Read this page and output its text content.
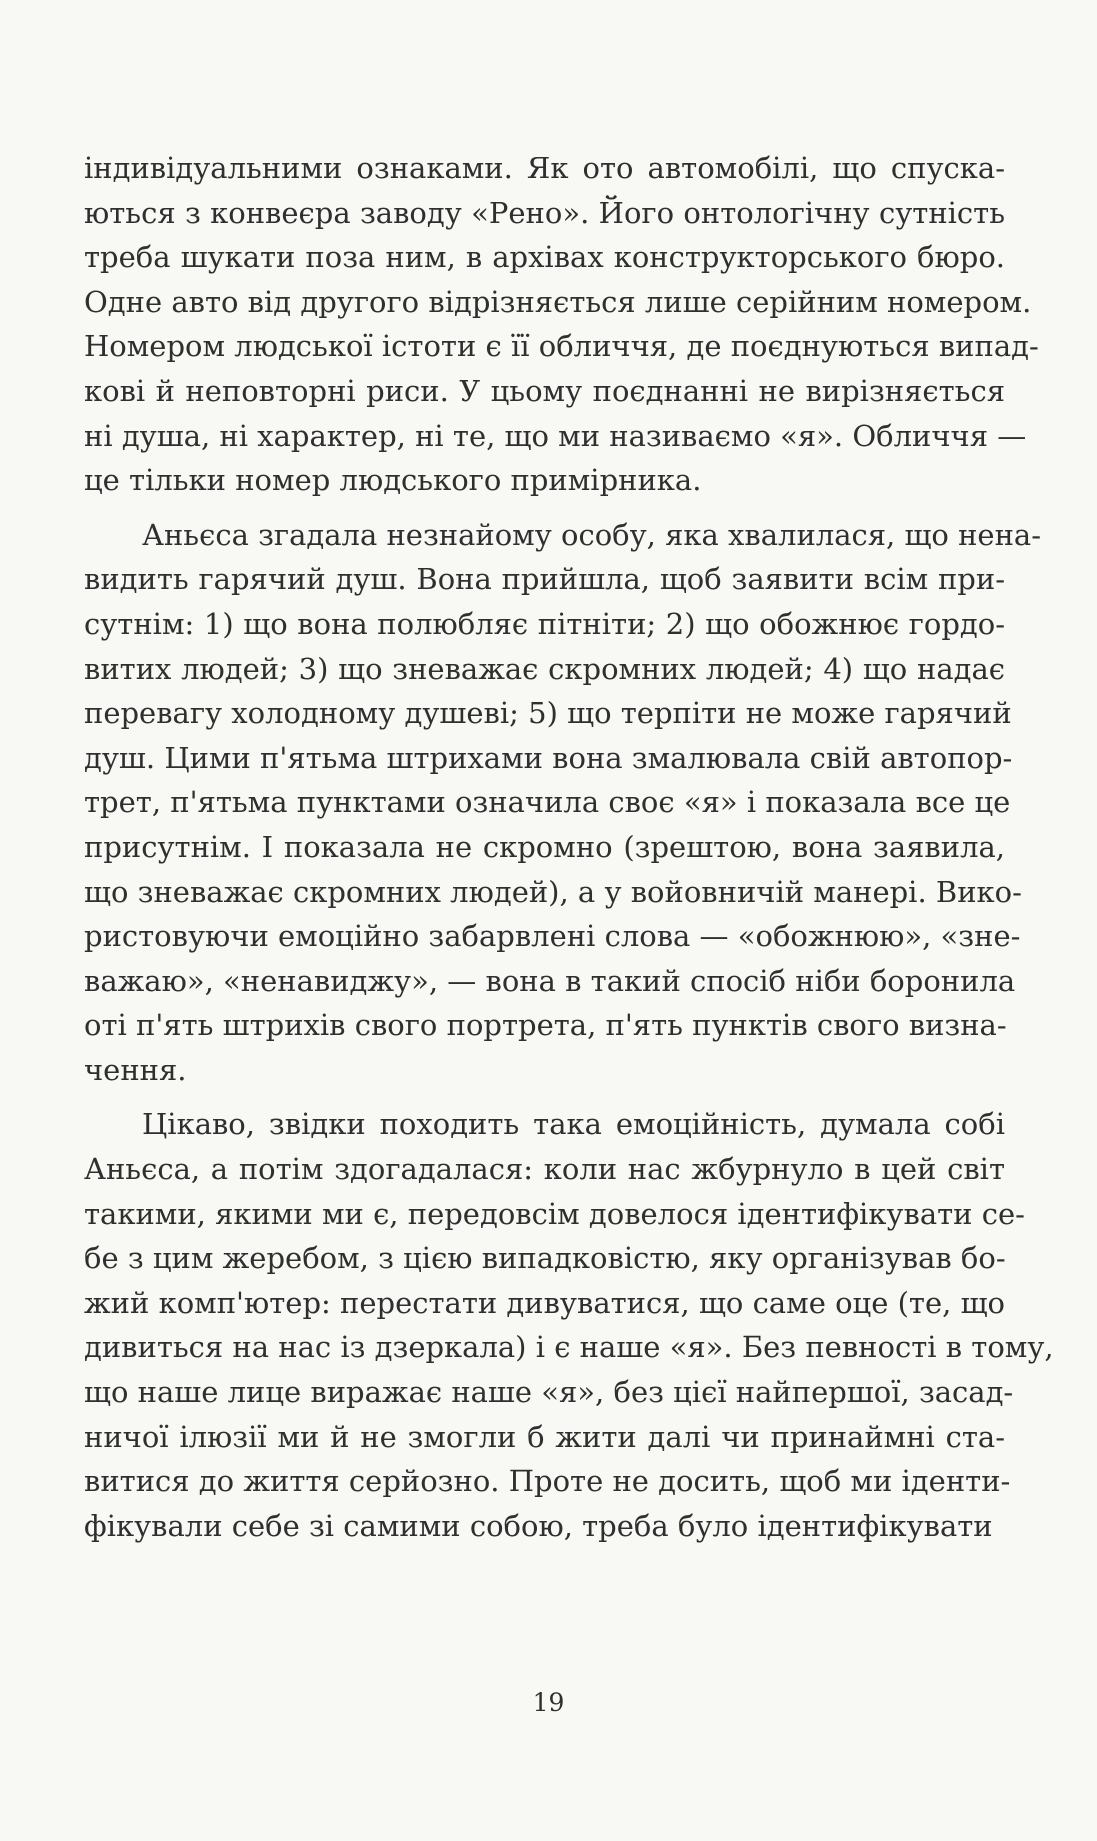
індивідуальними ознаками. Як ото автомобілі, що спуска-
ються з конвеєра заводу «Рено». Його онтологічну сутність
треба шукати поза ним, в архівах конструкторського бюро.
Одне авто від другого відрізняється лише серійним номером.
Номером людської істоти є її обличчя, де поєднуються випад-
кові й неповторні риси. У цьому поєднанні не вирізняється
ні душа, ні характер, ні те, що ми називаємо «я». Обличчя —
це тільки номер людського примірника.

Аньєса згадала незнайому особу, яка хвалилася, що нена-
видить гарячий душ. Вона прийшла, щоб заявити всім при-
сутнім: 1) що вона полюбляє пітніти; 2) що обожнює гордо-
витих людей; 3) що зневажає скромних людей; 4) що надає
перевагу холодному душеві; 5) що терпіти не може гарячий
душ. Цими п'ятьма штрихами вона змалювала свій автопор-
трет, п'ятьма пунктами означила своє «я» і показала все це
присутнім. І показала не скромно (зрештою, вона заявила,
що зневажає скромних людей), а у войовничій манері. Вико-
ристовуючи емоційно забарвлені слова — «обожнюю», «зне-
важаю», «ненавиджу», — вона в такий спосіб ніби боронила
оті п'ять штрихів свого портрета, п'ять пунктів свого визна-
чення.

Цікаво, звідки походить така емоційність, думала собі
Аньєса, а потім здогадалася: коли нас жбурнуло в цей світ
такими, якими ми є, передовсім довелося ідентифікувати се-
бе з цим жеребом, з цією випадковістю, яку організував бо-
жий комп'ютер: перестати дивуватися, що саме оце (те, що
дивиться на нас із дзеркала) і є наше «я». Без певності в тому,
що наше лице виражає наше «я», без цієї найпершої, засад-
ничої ілюзії ми й не змогли б жити далі чи принаймні ста-
витися до життя серйозно. Проте не досить, щоб ми іденти-
фікували себе зі самими собою, треба було ідентифікувати

19
